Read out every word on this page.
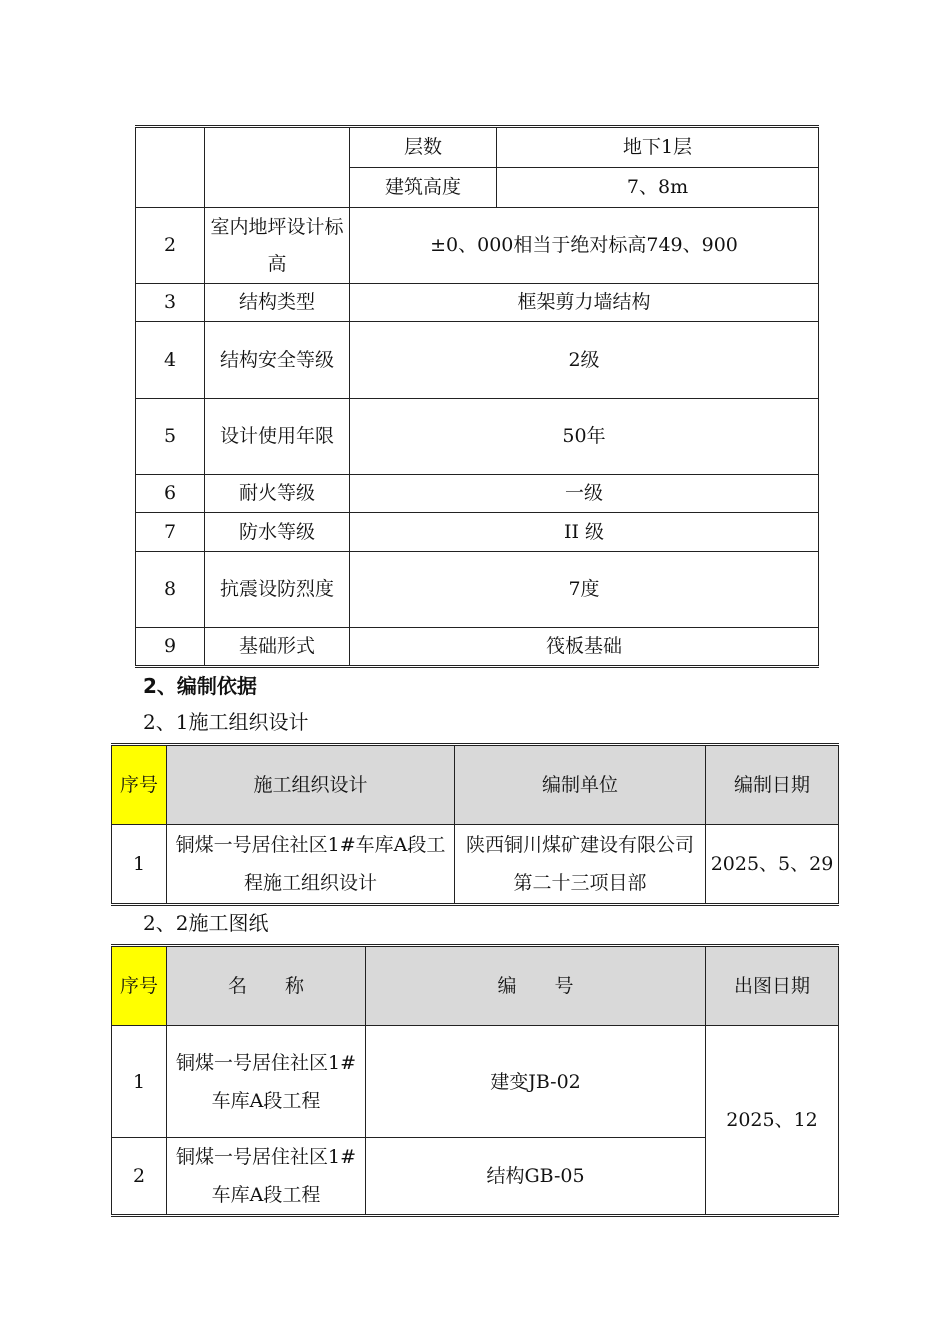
		层数	地下1层
		建筑高度	7、8m
2	室内地坪设计标高	±0、000相当于绝对标高749、900	
3	结构类型	框架剪力墙结构	
4	结构安全等级	2级	
5	设计使用年限	50年	
6	耐火等级	一级	
7	防水等级	II 级	
8	抗震设防烈度	7度	
9	基础形式	筏板基础	
2、编制依据
2、1施工组织设计
序号	施工组织设计	编制单位	编制日期
1	铜煤一号居住社区1#车库A段工程施工组织设计	陕西铜川煤矿建设有限公司第二十三项目部	2025、5、29
2、2施工图纸
序号	名　　称	编　　号	出图日期
1	铜煤一号居住社区1#车库A段工程	建变JB-02	2025、12
2	铜煤一号居住社区1#车库A段工程	结构GB-05	
